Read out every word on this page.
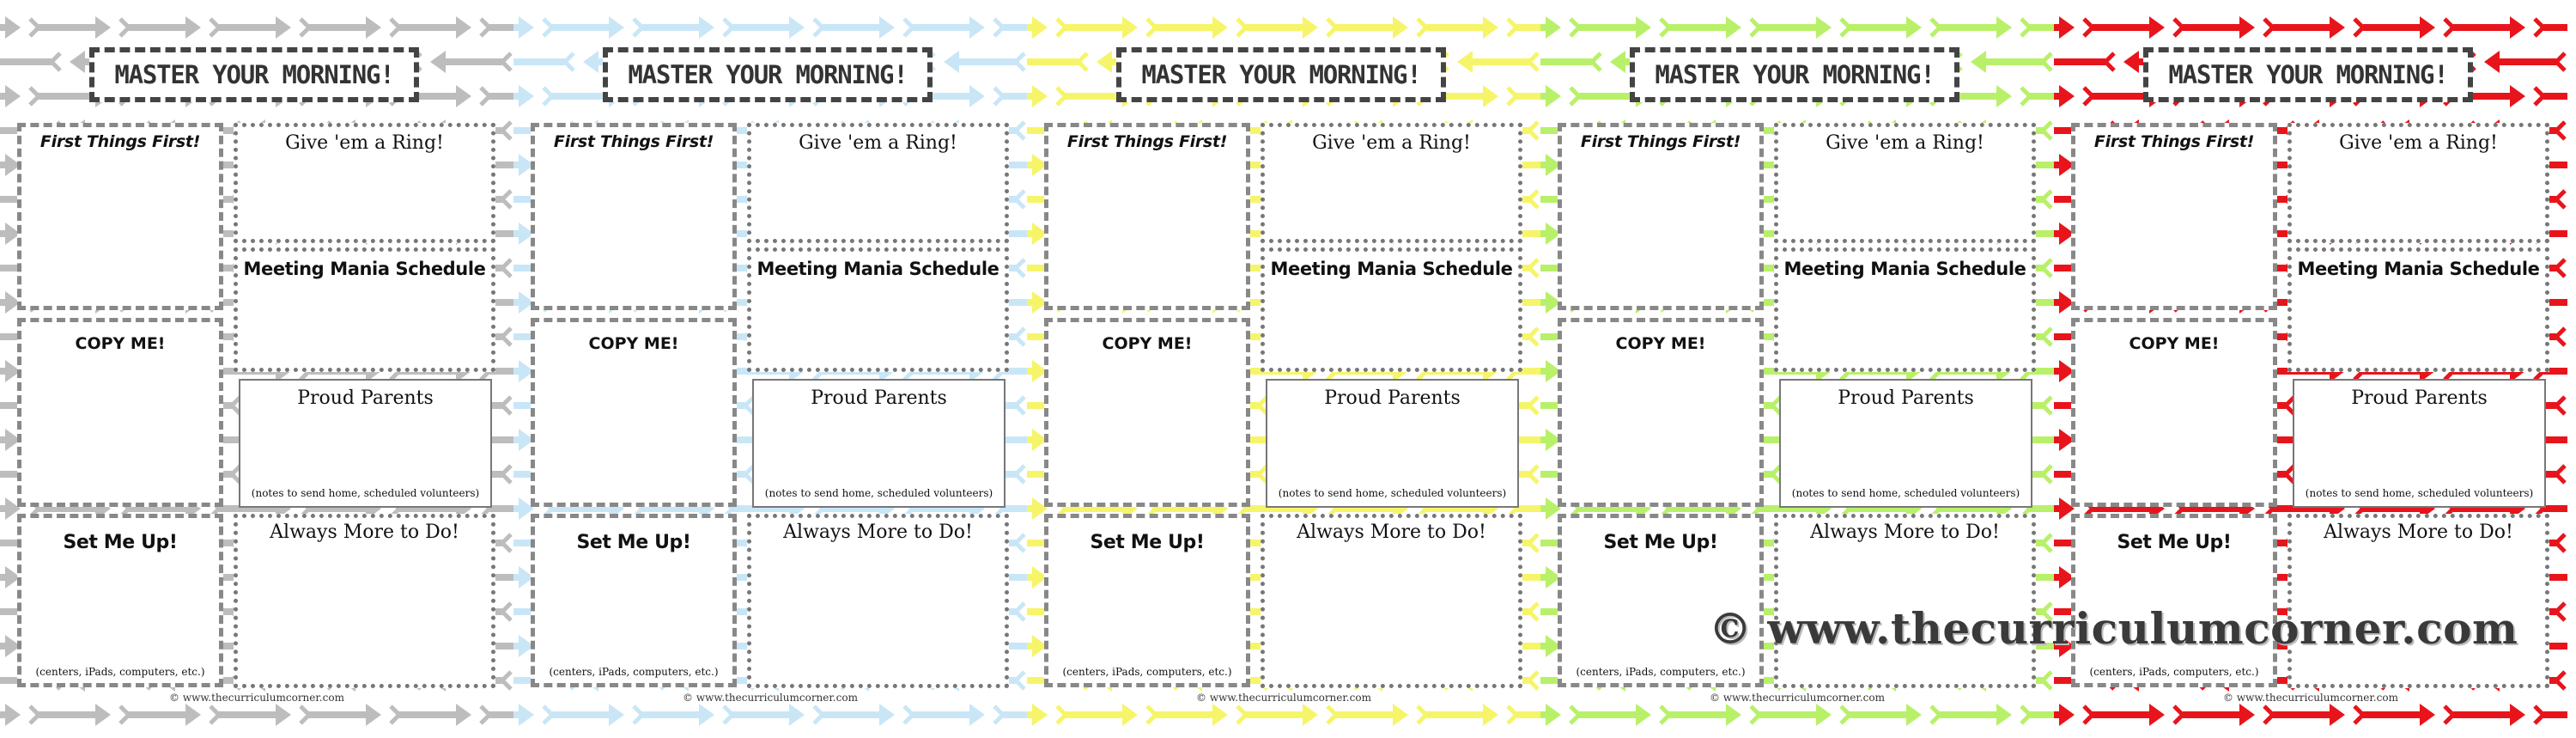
MASTER YOUR MORNING!
First Things First!	Give 'em a Ring!
Meeting Mania Schedule
COPY ME!
Proud Parents
(notes to send home, scheduled volunteers)
Set Me Up!
(centers, iPads, computers, etc.)
Always More to Do!
© www.thecurriculumcorner.com
MASTER YOUR MORNING!
First Things First!	Give 'em a Ring!
Meeting Mania Schedule
COPY ME!
Proud Parents
(notes to send home, scheduled volunteers)
Set Me Up!
(centers, iPads, computers, etc.)
Always More to Do!
© www.thecurriculumcorner.com
MASTER YOUR MORNING!
First Things First!	Give 'em a Ring!
Meeting Mania Schedule
COPY ME!
Proud Parents
(notes to send home, scheduled volunteers)
Set Me Up!
(centers, iPads, computers, etc.)
Always More to Do!
© www.thecurriculumcorner.com
MASTER YOUR MORNING!
First Things First!	Give 'em a Ring!
Meeting Mania Schedule
COPY ME!
Proud Parents
(notes to send home, scheduled volunteers)
Set Me Up!
(centers, iPads, computers, etc.)
Always More to Do!
© www.thecurriculumcorner.com
MASTER YOUR MORNING!
First Things First!	Give 'em a Ring!
Meeting Mania Schedule
COPY ME!
Proud Parents
(notes to send home, scheduled volunteers)
Set Me Up!
(centers, iPads, computers, etc.)
Always More to Do!
© www.thecurriculumcorner.com
© www.thecurriculumcorner.com
